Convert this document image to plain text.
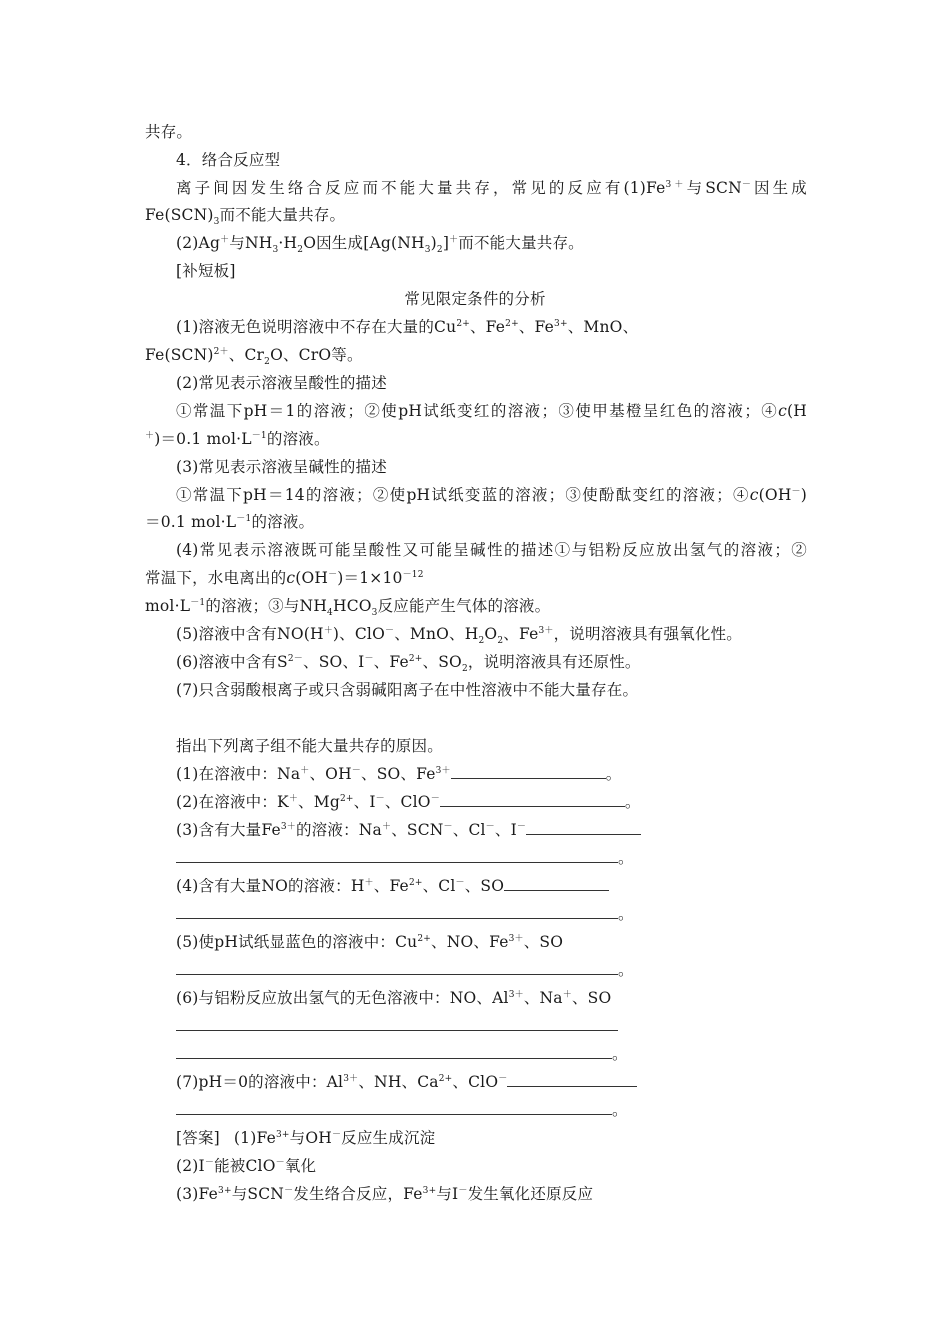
共存。
4．络合反应型
离子间因发生络合反应而不能大量共存，常见的反应有$(1)Fe^{3+}$与SCN－因生成
$Fe(SCN)_3$而不能大量共存。
(2)Ag＋与$NH_3\cdot H_2O$因生成$[Ag(NH_3)_2]^+$而不能大量共存。
[补短板]
常见限定条件的分析
(1)溶液无色说明溶液中不存在大量的$Cu^{2+}$、$Fe^{2+}$、$Fe^{3+}$、MnO、
Fe(SCN)$^{2+}$、$Cr_2O$、CrO等。
(2)常见表示溶液呈酸性的描述
①常温下pH＝1的溶液；②使pH试纸变红的溶液；③使甲基橙呈红色的溶液；④c(H
＋)＝0.1 $mol\cdot L^{-1}$的溶液。
(3)常见表示溶液呈碱性的描述
①常温下pH＝14的溶液；②使pH试纸变蓝的溶液；③使酚酞变红的溶液；④c(OH－)
＝0.1 $mol\cdot L^{-1}$的溶液。
(4)常见表示溶液既可能呈酸性又可能呈碱性的描述①与铝粉反应放出氢气的溶液；②
常温下，水电离出的$c(OH^-)=1\times 10^{-12}$
$mol\cdot L^{-1}$的溶液；③与$NH_4HCO_3$反应能产生气体的溶液。
(5)溶液中含有NO(H＋)、ClO－、MnO、$H_2O_2$、$Fe^{3+}$，说明溶液具有强氧化性。
(6)溶液中含有$S^{2-}$、SO、I－、$Fe^{2+}$、$SO_2$，说明溶液具有还原性。
(7)只含弱酸根离子或只含弱碱阳离子在中性溶液中不能大量存在。
指出下列离子组不能大量共存的原因。
(1)在溶液中：Na＋、OH－、SO、$Fe^{3+}$	。
(2)在溶液中：K＋、$Mg^{2+}$、I－、ClO－	。
(3)含有大量$Fe^{3+}$的溶液：Na＋、SCN－、Cl－、I－
。
(4)含有大量NO的溶液：H＋、$Fe^{2+}$、Cl－、SO
。
(5)使pH试纸显蓝色的溶液中：$Cu^{2+}$、NO、$Fe^{3+}$、SO
。
(6)与铝粉反应放出氢气的无色溶液中：NO、$Al^{3+}$、Na＋、SO
。
(7)pH＝0的溶液中：$Al^{3+}$、NH、$Ca^{2+}$、ClO－
。
[答案] $(1)Fe^{3+}$与OH－反应生成沉淀
(2)I－能被ClO－氧化
$(3)Fe^{3+}$与SCN－发生络合反应，$Fe^{3+}$与I－发生氧化还原反应
